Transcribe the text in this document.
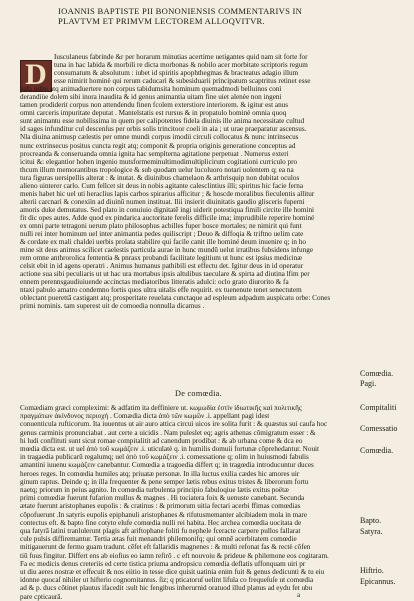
IOANNIS BAPTISTE PII BONONIENSIS COMMENTARIVS IN
PLAVTVM ET PRIMVM LECTOREM ALLOQVITVR.
D
Iusculaneus fabrinde &r per horarum minutias acertime uetigantes quid nam sit forte for
tuna in hac labida & morbili re dicta morbonas & nobilo acer morbitate scriptoris regum
consumatum & absolutum : iubet id spiritis apophthegmas & bracteatus adagio illum
esse nimirit hominè qui rerum caducarì & subesiduarii principatum scaptritus retinet esse
pala udite atq animaduertere non corpus tabidumsita hominum quemadmodi belluinos conì
derandiùe dolem sibi inora inaudita & id genus animantia uitam fine uiet alenèe non ingeni
tamen prodiderit corpus non attendendu finen fcolem exterstiore interiorem. & igitur est anus
omni carceris impuritate deputat . Mantelstatis est rursus & in propatulo hominè omnia quoq
sunt animantu esse nobilissima in quem per calipotentes fidela diuinis ille anima necessitate cultud
id sages infunditur cul descenſus per orbis solis trincitoor coeli in aia ; ut urae praeparatur ascensus.
Nla diuina animusp cælestis per omne mundi corpus imodii circuli collocatus & nunc intrinsecus
nunc extrinsecus positus cuncta regit atq; componit & propria originis generatione conceptus ad
procreanda & conseruanda omnia ignita hac semplterna agitatione perpetuat . Numerus exteri
icitui &: elegantior hohen ingenio mutsformeminultimodimultiplicirum cogitationi curriculo pro
thcum illum memorantibus tropologice & sub quodam uelur lucoluoro notari uolentem q; ea na
tura figuras uersipellis alterat : & inutat. & diuinibus chamelaon & arthrisquip non dubitat oculos
alieno uinterer carlo. Cum fellcet sit deus in nobis agitante calesclintius illi; spiritus hic facie ferna
menis habet hic uel uti heraclius lapis carbos spirarius afficitur ; & hoscde moralibus fieculentis allitur
alterii carcnarì & conexiìn ad diuinū numen instituat. Ilii insierit diuinitatis gaudio glisceris fuperni
amoris duke demutatus. Sed plato in conuiuio dignitatē ingi uiderit potestiqua fimili circite ille homini
fit dic opes autes. Adde quod ex pindarica auctoritate ferelis difficile ima; imprudibile reperire hominé
ex omni parte tetragoni uerum plato philosophus acbilles fuper hosce mortales; ne nimirit qui funt
nulli rei inter hominum uel inter animantia pedes quiliscript ; Deuo & diffoqia & triftno uelim cate
& cordate ex mali chaldei uerbis prolata stabilire qui facile canit ille hominé deum inuenire q; in ho
mine sit deus animus scilicet caelestis particula aurae in hunc mundū uelut irratibus fubsidens infunge
rem omne anthrorolica fententia & pnrasx probandi facilitate legitium ut hunc est ipsius medicinæ
celsit ebit in id agens operatri . Animus humanus pathibili est effectu det. Igitur deus in id operatur
actione sua sibi peculiaris ut ut hac ura mortabus ipsis altulibus taeculare & spirta ad diutina lfim per
ennem perennsgaudiuiuende accinctas mediatoribus litteratis adulci: oclo grato diurorito & fa
ntaxi pabulo amatro condemno fortis quos ultra uitalis effe requirit. ex tuenenute tenet senectutem
oblectant puerettā castigant atq; prosperitate reuelata cunctaque ad espleum adpadum auspicatu orbe: Cones
primi nominis. tam superest uit de comoedia nonnulla dicamus .
De comœdia.
Comædiam græci compleximi: & adfatim ita deffiniere ut. κωμωδία ἐστὶν ἰδιωτικῆς καὶ πολιτικῆς
πραγμάτων ἀκίνδυνος περιοχή . Comædia dicta ἀπὸ τῶν κωμῶν .i. appellant pagi idest
conuenticula rufticorum. Ita iuuentus ut air auro attica circuì uicos ire solita furit : & quæstus sui caufa hoc
genus carminis pronunciabat . aut certe a uicidis . Nam puleslet eq; agris athenas cōmigratum esser : &
hi ludi conflituti sunt sicut romae compitalitit ad canendum prodibat : & ab urbana come & dca eo
mœdia dicta est. ut uel ἀπὸ τοῦ κωμάζειν .i. uticulatè q. in humilis domuii fortunæ cōprehedantur. Nouit
in tragaedia publicarū regalumq; uel ἀπὸ τοῦ κωμάζειν .i. comessatione q; olim in huiusmodi fabulis
amantini iuuenu κωμάζειν canebantur. Comœdia a tragoedia differt q; in tragœdia introducuntur duces
heroes reges. In comœdia humiles atq; priuatæ personæ. In illa luctus exilia cædes hic amores uir
ginum raptus. Deinde q; in illa frequenter & pene semper lætis rebus exitus tristes & liberorum fortu
naetq; priorum in peius agnito. In comœdia turbulenta principio fabuloqiue lætis exitus poëtæ
primi comœdiæ fuerunt fufarion mullus & magnes . Hi tociatera foix & uenuste canebant. Secunda
ætate fuerunt aristophanes eupolis : & cratinus : & primorum uitia fectari acerbi ffimas comœdias
cōpofuerunt .In satyris eupolis epiphanuli aristophanes & rifutusmemanter alcibiadem mola in mare
contectus eft. & bapto fine cotyto elufe comœdia nulli rei habita. Hec archea comœdia uocitata de
qua fatyrā latini tranlulerunt plagis aft ariftophane foliti fu nephele fceracte carpere pullos fallarat
cule pulsis diffiremantur. Tertia ætas fuit menandri philemonifq; qui omnē acerbitatem comœdie
mitigauerunt de fermo guam tradunt. cēfet eft fallaridis magnenes : & multi refonat fas & rectè cōfen
tiū fuus fingitur. Differt ens ab eiofius eo iamn refirō . c eft nouvoiu & prideue & philemone eos cogitaram.
Fa ec medicis denus creteriis ed certe tistica priuma andropsicu cemœdia deflatis uffonquam uiri pr
ut diu aeres nostræ et effecuit & nos eiitio in tesse dice quisit uatinia enim fuit & genus dedicunti & tu eiu
idonne quocaſ nihiler ut hifterio cognomitantus. ſiz; q pticatoruſ uelint lifula co frequeſuſe ut comœdia
ad & p. ducs cōtinet plautus ifacedit :sult hic fengibus inherurnid oratuod illud planus ad eydu fet ubu
pare cpticaurā.
Comœdia.
Pagi.
Compitaliti
Comessatio
Comœdia.
Bapto.
Satyra.
Hiftrio.
Epicannus.
a
